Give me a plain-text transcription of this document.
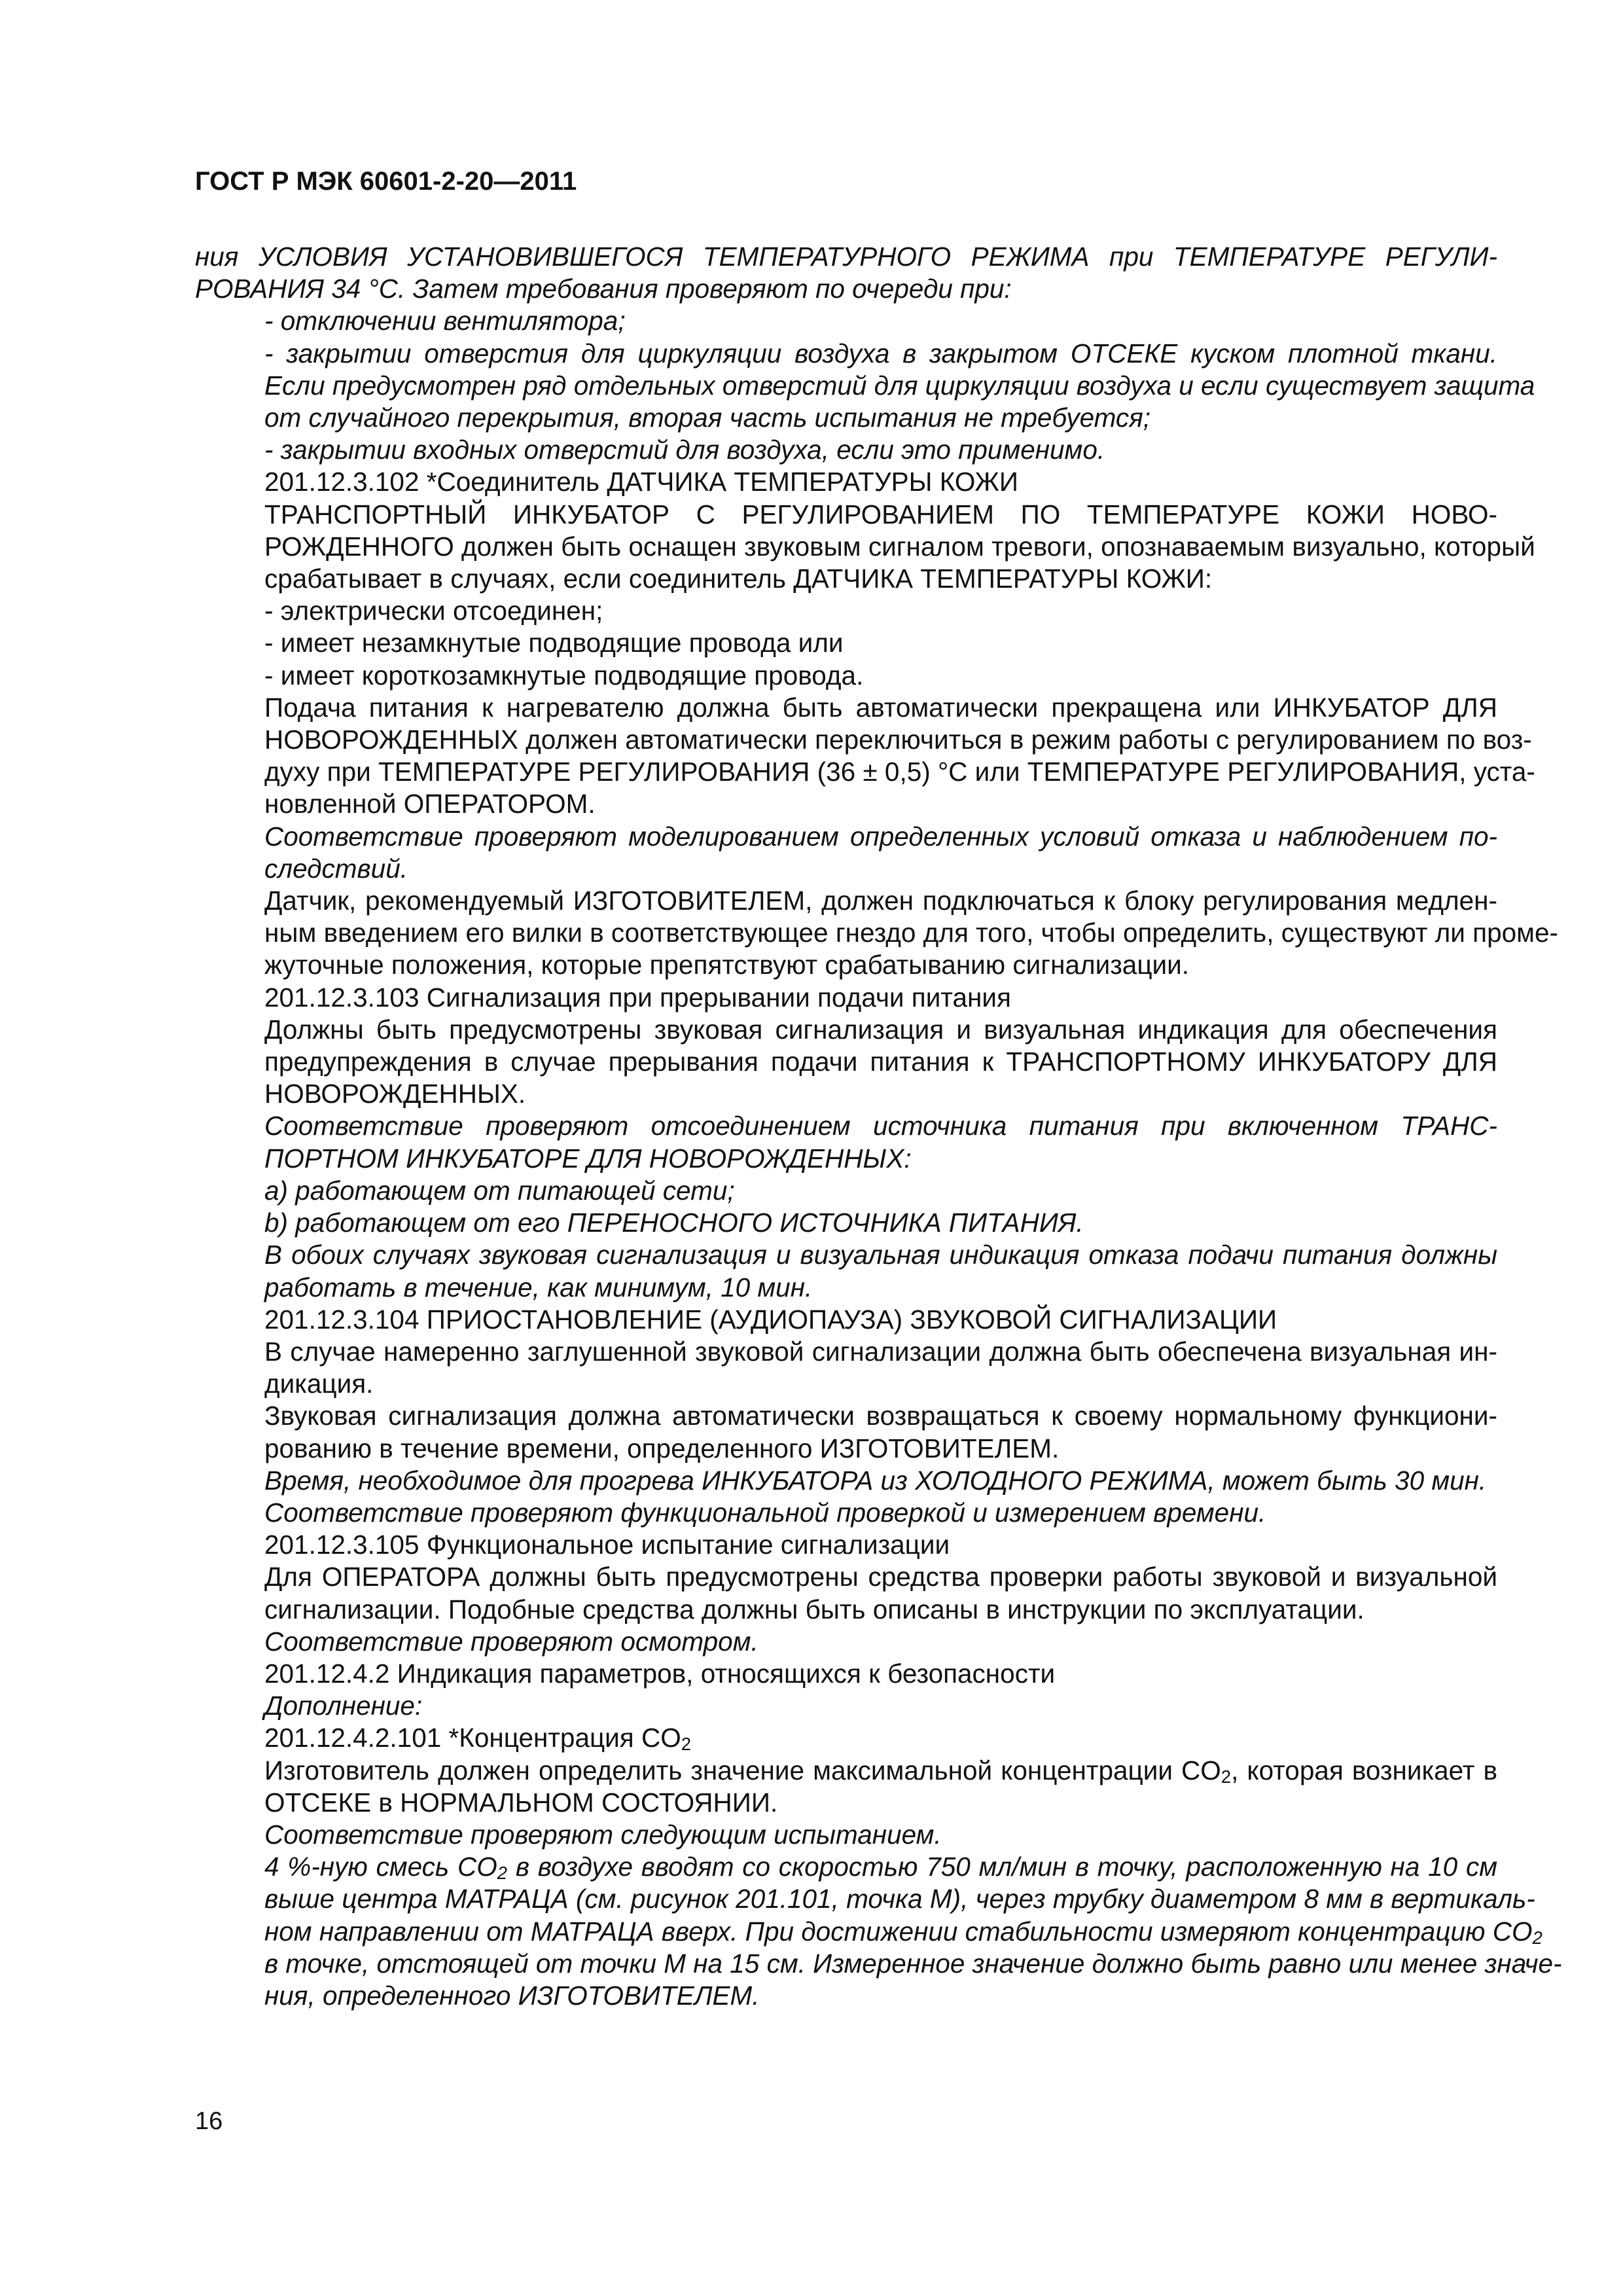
ГОСТ Р МЭК 60601-2-20—2011
ния УСЛОВИЯ УСТАНОВИВШЕГОСЯ ТЕМПЕРАТУРНОГО РЕЖИМА при ТЕМПЕРАТУРЕ РЕГУЛИ-
РОВАНИЯ 34 °С. Затем требования проверяют по очереди при:
- отключении вентилятора;
- закрытии отверстия для циркуляции воздуха в закрытом ОТСЕКЕ куском плотной ткани.
Если предусмотрен ряд отдельных отверстий для циркуляции воздуха и если существует защита
от случайного перекрытия, вторая часть испытания не требуется;
- закрытии входных отверстий для воздуха, если это применимо.
201.12.3.102 *Соединитель ДАТЧИКА ТЕМПЕРАТУРЫ КОЖИ
ТРАНСПОРТНЫЙ ИНКУБАТОР С РЕГУЛИРОВАНИЕМ ПО ТЕМПЕРАТУРЕ КОЖИ НОВО-
РОЖДЕННОГО должен быть оснащен звуковым сигналом тревоги, опознаваемым визуально, который
срабатывает в случаях, если соединитель ДАТЧИКА ТЕМПЕРАТУРЫ КОЖИ:
- электрически отсоединен;
- имеет незамкнутые подводящие провода или
- имеет короткозамкнутые подводящие провода.
Подача питания к нагревателю должна быть автоматически прекращена или ИНКУБАТОР ДЛЯ
НОВОРОЖДЕННЫХ должен автоматически переключиться в режим работы с регулированием по воз-
духу при ТЕМПЕРАТУРЕ РЕГУЛИРОВАНИЯ (36 ± 0,5) °С или ТЕМПЕРАТУРЕ РЕГУЛИРОВАНИЯ, уста-
новленной ОПЕРАТОРОМ.
Соответствие проверяют моделированием определенных условий отказа и наблюдением по-
следствий.
Датчик, рекомендуемый ИЗГОТОВИТЕЛЕМ, должен подключаться к блоку регулирования медлен-
ным введением его вилки в соответствующее гнездо для того, чтобы определить, существуют ли проме-
жуточные положения, которые препятствуют срабатыванию сигнализации.
201.12.3.103 Сигнализация при прерывании подачи питания
Должны быть предусмотрены звуковая сигнализация и визуальная индикация для обеспечения
предупреждения в случае прерывания подачи питания к ТРАНСПОРТНОМУ ИНКУБАТОРУ ДЛЯ
НОВОРОЖДЕННЫХ.
Соответствие проверяют отсоединением источника питания при включенном ТРАНС-
ПОРТНОМ ИНКУБАТОРЕ ДЛЯ НОВОРОЖДЕННЫХ:
а) работающем от питающей сети;
b) работающем от его ПЕРЕНОСНОГО ИСТОЧНИКА ПИТАНИЯ.
В обоих случаях звуковая сигнализация и визуальная индикация отказа подачи питания должны
работать в течение, как минимум, 10 мин.
201.12.3.104 ПРИОСТАНОВЛЕНИЕ (АУДИОПАУЗА) ЗВУКОВОЙ СИГНАЛИЗАЦИИ
В случае намеренно заглушенной звуковой сигнализации должна быть обеспечена визуальная ин-
дикация.
Звуковая сигнализация должна автоматически возвращаться к своему нормальному функциони-
рованию в течение времени, определенного ИЗГОТОВИТЕЛЕМ.
Время, необходимое для прогрева ИНКУБАТОРА из ХОЛОДНОГО РЕЖИМА, может быть 30 мин.
Соответствие проверяют функциональной проверкой и измерением времени.
201.12.3.105 Функциональное испытание сигнализации
Для ОПЕРАТОРА должны быть предусмотрены средства проверки работы звуковой и визуальной
сигнализации. Подобные средства должны быть описаны в инструкции по эксплуатации.
Соответствие проверяют осмотром.
201.12.4.2 Индикация параметров, относящихся к безопасности
Дополнение:
201.12.4.2.101 *Концентрация $CO_2$
Изготовитель должен определить значение максимальной концентрации $CO_2$, которая возникает в
ОТСЕКЕ в НОРМАЛЬНОМ СОСТОЯНИИ.
Соответствие проверяют следующим испытанием.
4 %-ную смесь $CO_2$ в воздухе вводят со скоростью 750 мл/мин в точку, расположенную на 10 см
выше центра МАТРАЦА (см. рисунок 201.101, точка М), через трубку диаметром 8 мм в вертикаль-
ном направлении от МАТРАЦА вверх. При достижении стабильности измеряют концентрацию $CO_2$
в точке, отстоящей от точки М на 15 см. Измеренное значение должно быть равно или менее значе-
ния, определенного ИЗГОТОВИТЕЛЕМ.
16
